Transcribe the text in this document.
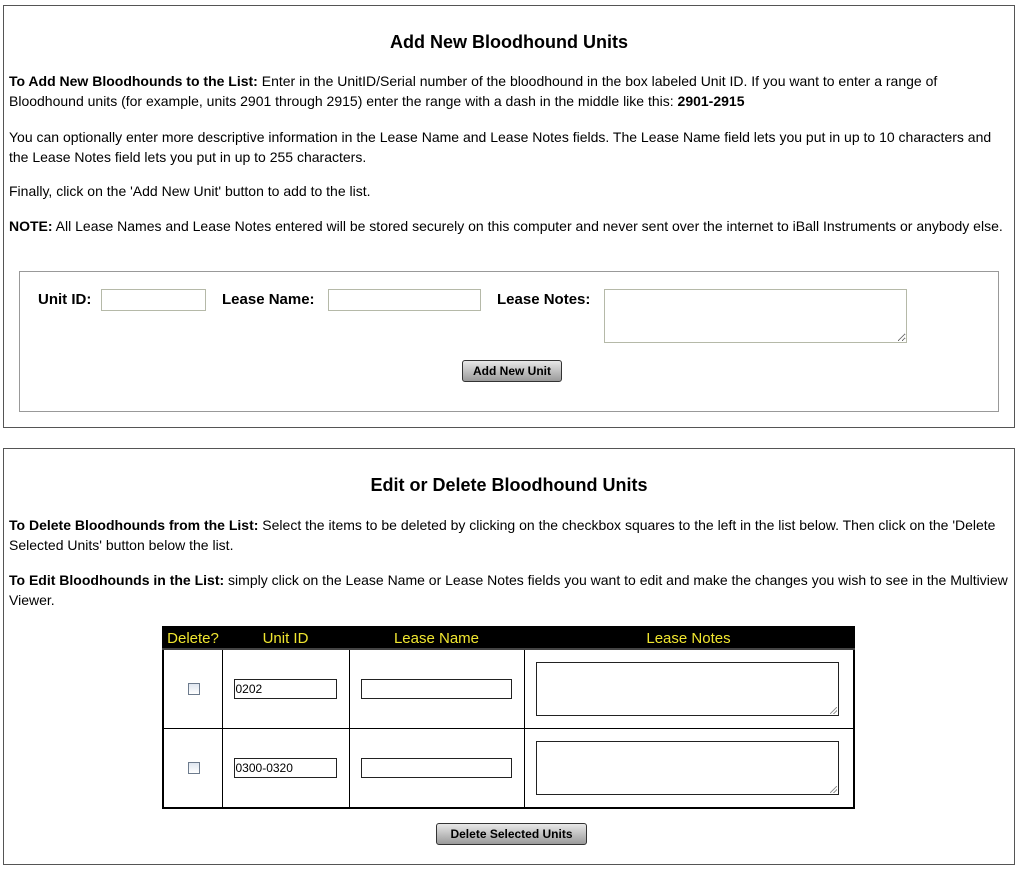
Add New Bloodhound Units

To Add New Bloodhounds to the List: Enter in the UnitID/Serial number of the bloodhound in the box labeled Unit ID. If you want to enter a range of Bloodhound units (for example, units 2901 through 2915) enter the range with a dash in the middle like this: 2901-2915

You can optionally enter more descriptive information in the Lease Name and Lease Notes fields. The Lease Name field lets you put in up to 10 characters and the Lease Notes field lets you put in up to 255 characters.

Finally, click on the 'Add New Unit' button to add to the list.

NOTE: All Lease Names and Lease Notes entered will be stored securely on this computer and never sent over the internet to iBall Instruments or anybody else.

Unit ID:	Lease Name:	Lease Notes:
Add New Unit
Edit or Delete Bloodhound Units

To Delete Bloodhounds from the List: Select the items to be deleted by clicking on the checkbox squares to the left in the list below. Then click on the 'Delete Selected Units' button below the list.

To Edit Bloodhounds in the List: simply click on the Lease Name or Lease Notes fields you want to edit and make the changes you wish to see in the Multiview Viewer.

Delete?	Unit ID	Lease Name	Lease Notes

	0202		

	0300-0320		

Delete Selected Units
